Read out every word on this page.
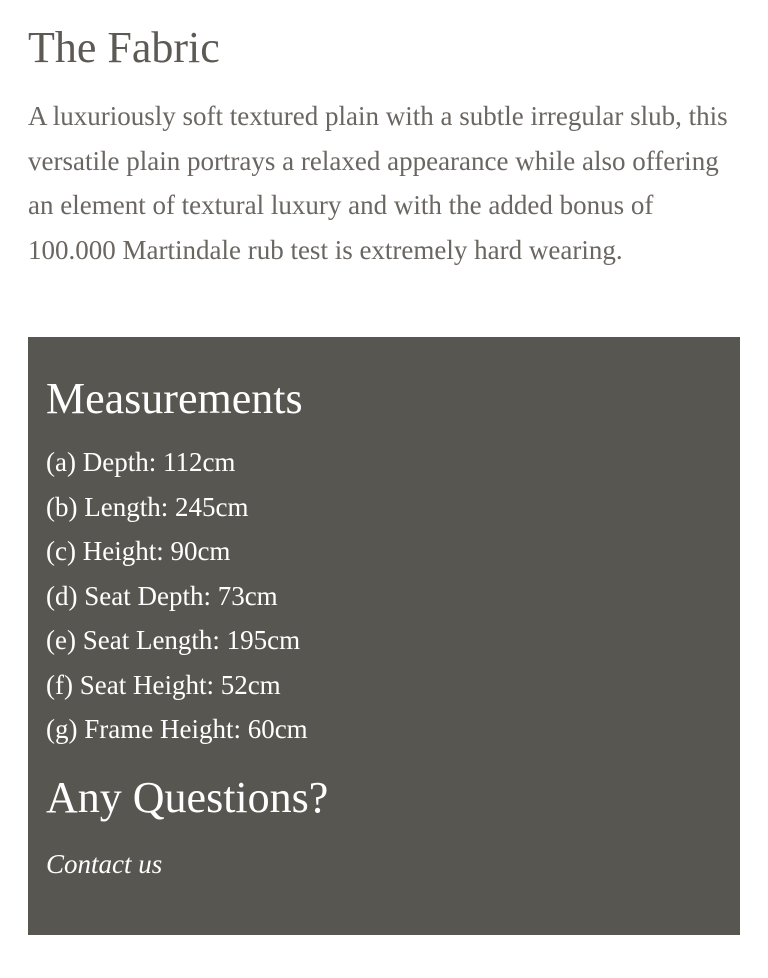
The Fabric

A luxuriously soft textured plain with a subtle irregular slub, this versatile plain portrays a relaxed appearance while also offering an element of textural luxury and with the added bonus of 100.000 Martindale rub test is extremely hard wearing.

Measurements
(a) Depth: 112cm
(b) Length: 245cm
(c) Height: 90cm
(d) Seat Depth: 73cm
(e) Seat Length: 195cm
(f) Seat Height: 52cm
(g) Frame Height: 60cm
Any Questions?
Contact us
